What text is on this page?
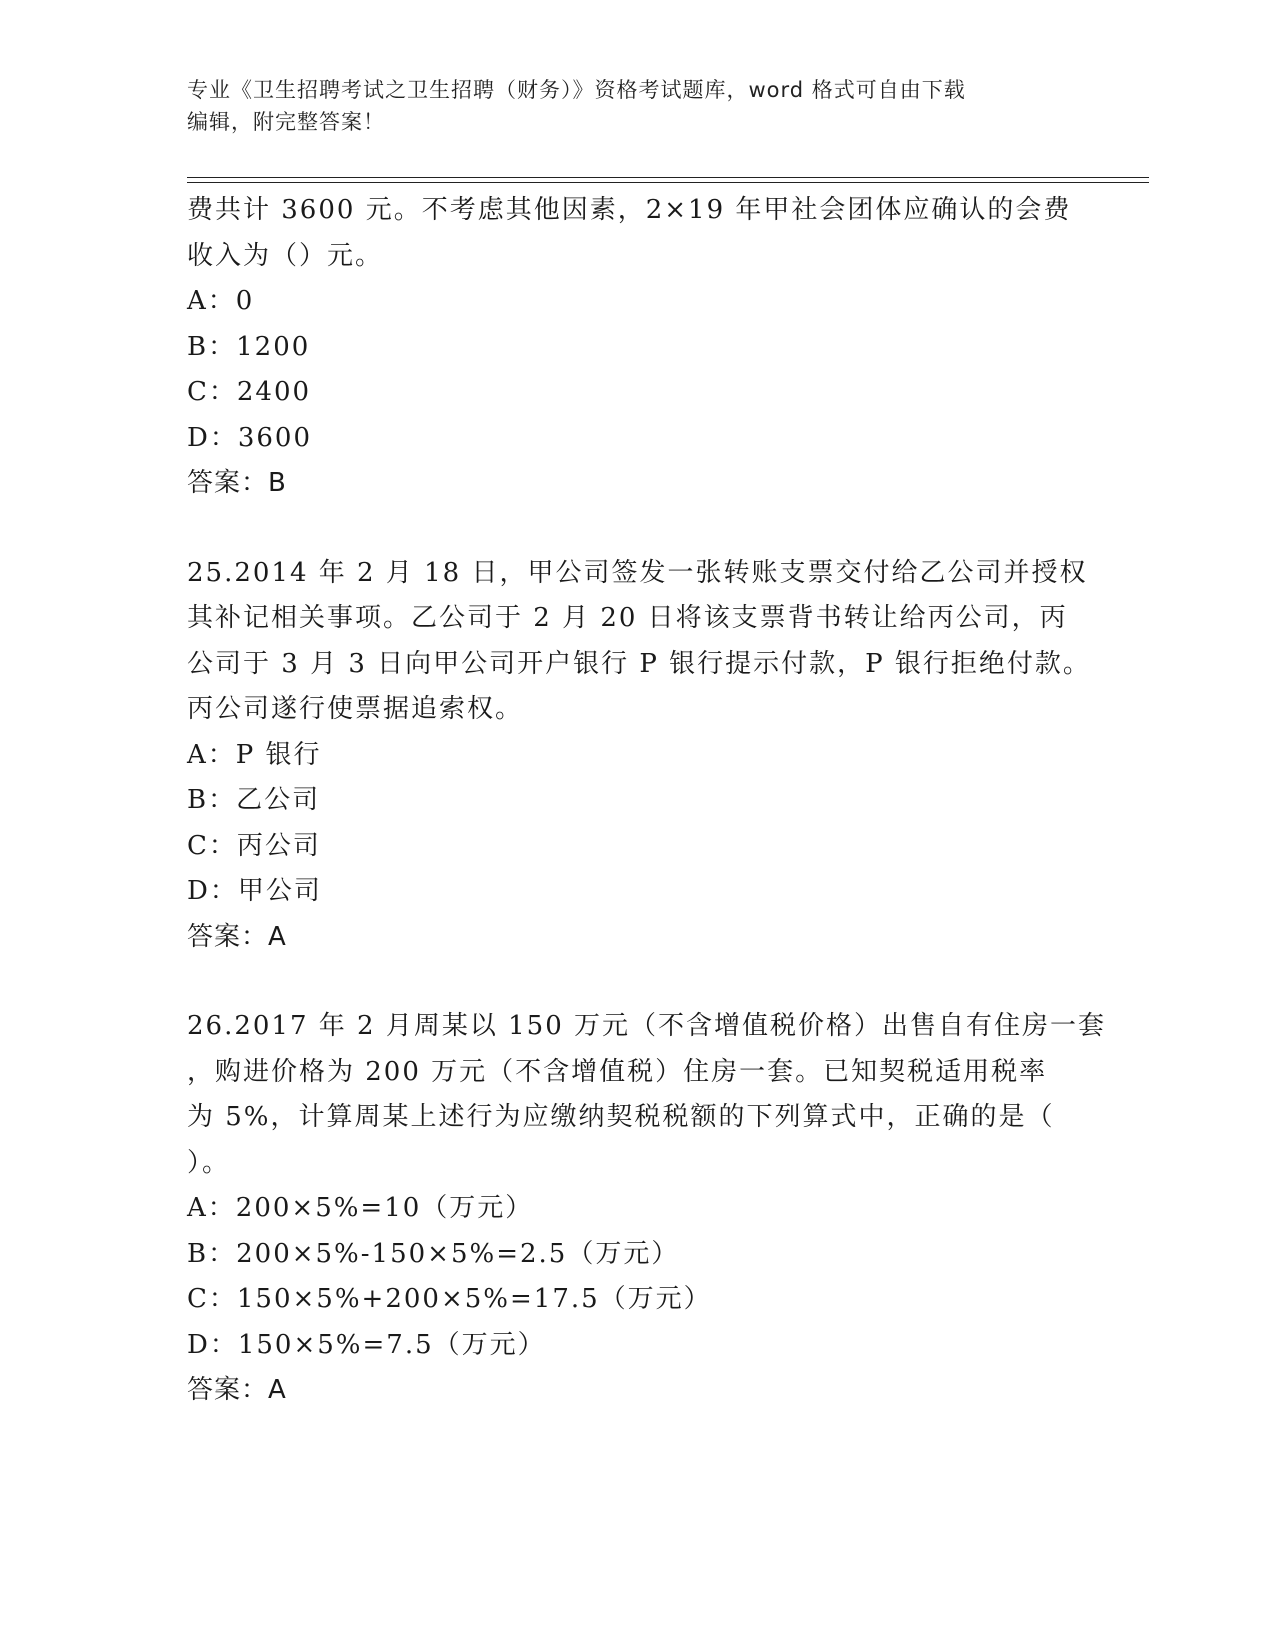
专业《卫生招聘考试之卫生招聘（财务）》资格考试题库，word 格式可自由下载
编辑，附完整答案！
费共计 3600 元。不考虑其他因素，2×19 年甲社会团体应确认的会费
收入为（）元。
A：0
B：1200
C：2400
D：3600
答案：B
25.2014 年 2 月 18 日，甲公司签发一张转账支票交付给乙公司并授权
其补记相关事项。乙公司于 2 月 20 日将该支票背书转让给丙公司，丙
公司于 3 月 3 日向甲公司开户银行 P 银行提示付款，P 银行拒绝付款。
丙公司遂行使票据追索权。
A：P 银行
B：乙公司
C：丙公司
D：甲公司
答案：A
26.2017 年 2 月周某以 150 万元（不含增值税价格）出售自有住房一套
，购进价格为 200 万元（不含增值税）住房一套。已知契税适用税率
为 5%，计算周某上述行为应缴纳契税税额的下列算式中，正确的是（
）。
A：200×5%=10（万元）
B：200×5%-150×5%=2.5（万元）
C：150×5%+200×5%=17.5（万元）
D：150×5%=7.5（万元）
答案：A
